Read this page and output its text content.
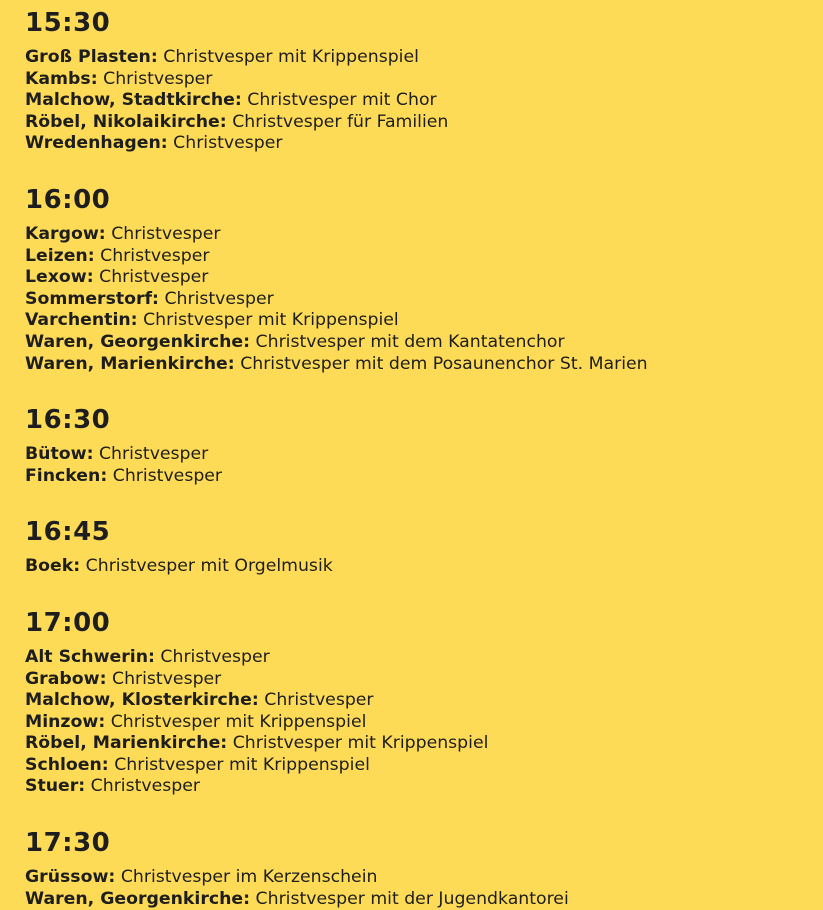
15:30
Groß Plasten: Christvesper mit Krippenspiel
Kambs: Christvesper
Malchow, Stadtkirche: Christvesper mit Chor
Röbel, Nikolaikirche: Christvesper für Familien
Wredenhagen: Christvesper
16:00
Kargow: Christvesper
Leizen: Christvesper
Lexow: Christvesper
Sommerstorf: Christvesper
Varchentin: Christvesper mit Krippenspiel
Waren, Georgenkirche: Christvesper mit dem Kantatenchor
Waren, Marienkirche: Christvesper mit dem Posaunenchor St. Marien
16:30
Bütow: Christvesper
Fincken: Christvesper
16:45
Boek: Christvesper mit Orgelmusik
17:00
Alt Schwerin: Christvesper
Grabow: Christvesper
Malchow, Klosterkirche: Christvesper
Minzow: Christvesper mit Krippenspiel
Röbel, Marienkirche: Christvesper mit Krippenspiel
Schloen: Christvesper mit Krippenspiel
Stuer: Christvesper
17:30
Grüssow: Christvesper im Kerzenschein
Waren, Georgenkirche: Christvesper mit der Jugendkantorei
